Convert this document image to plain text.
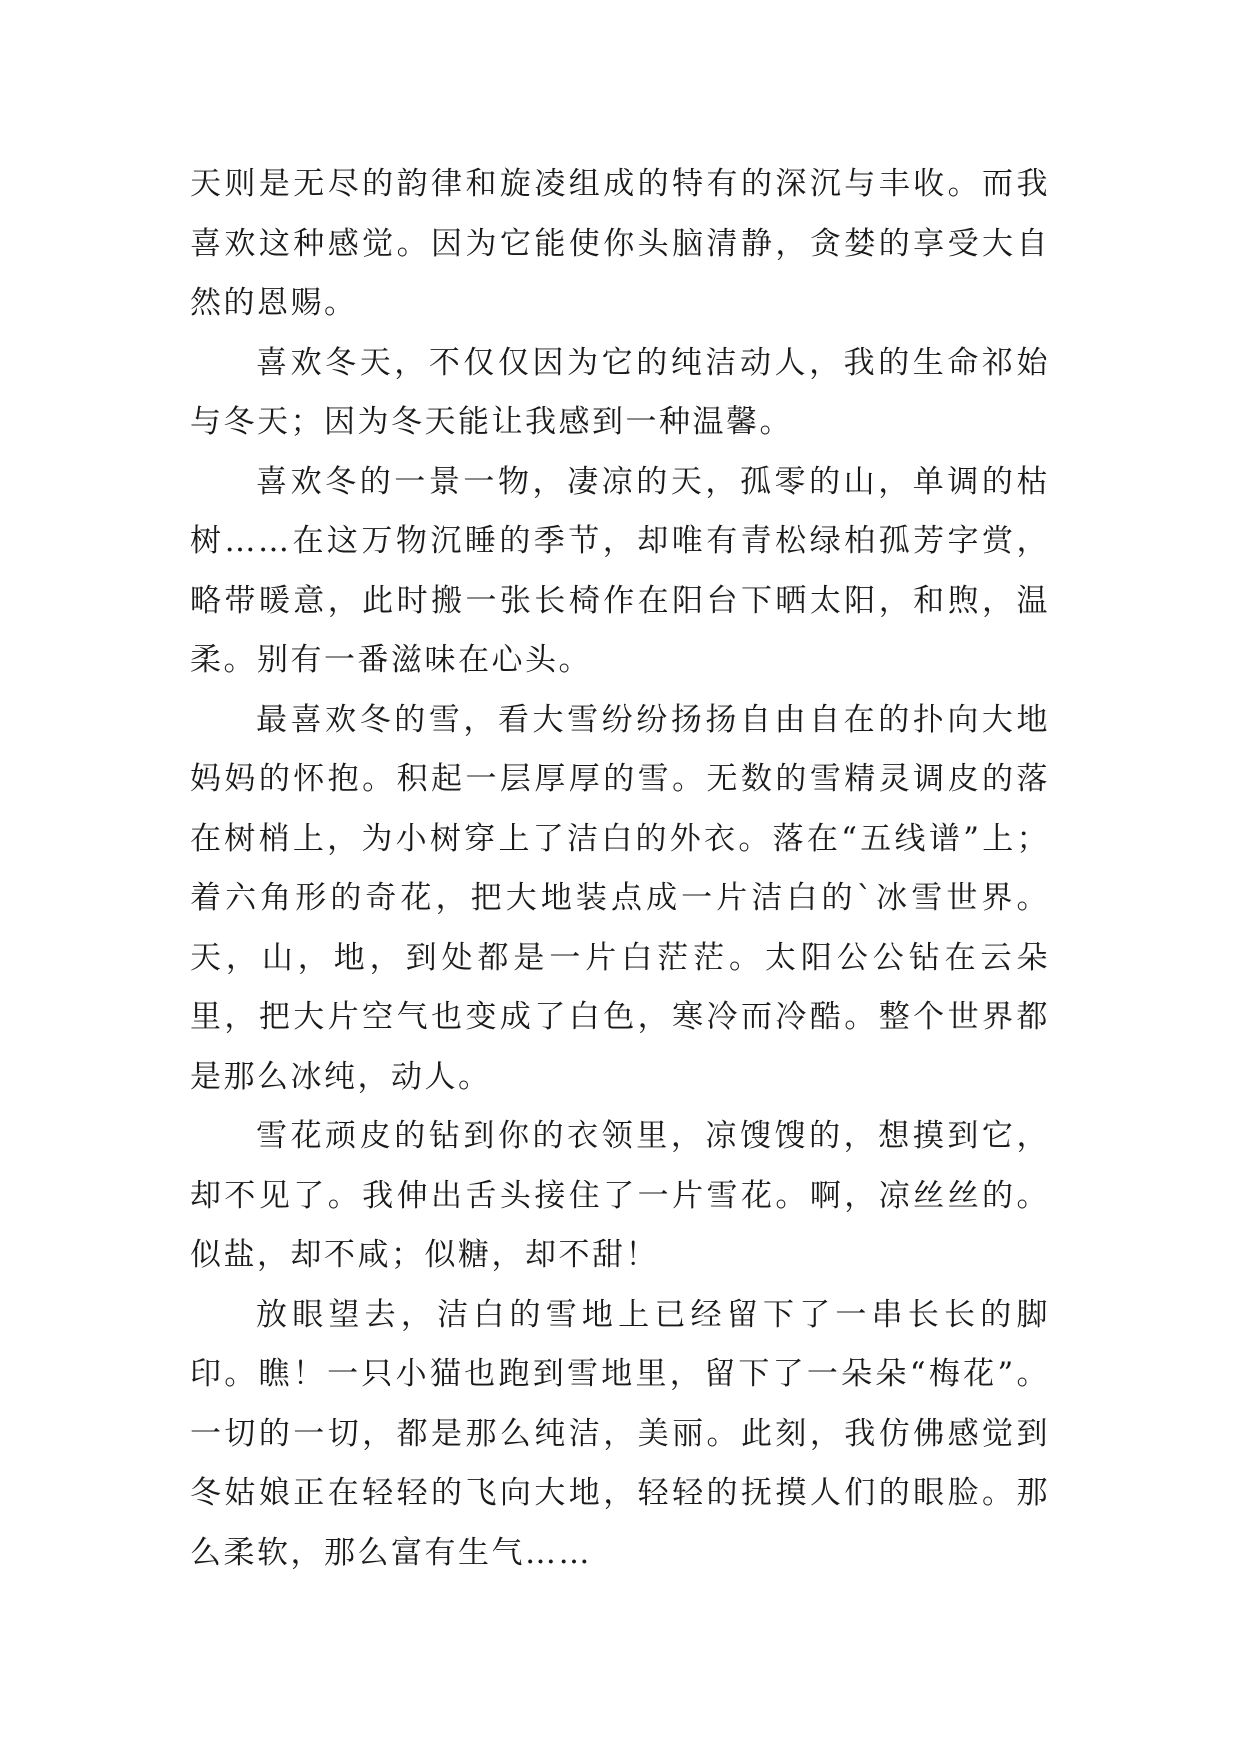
天则是无尽的韵律和旋凌组成的特有的深沉与丰收。而我喜欢这种感觉。因为它能使你头脑清静，贪婪的享受大自然的恩赐。

喜欢冬天，不仅仅因为它的纯洁动人，我的生命祁始与冬天；因为冬天能让我感到一种温馨。

喜欢冬的一景一物，凄凉的天，孤零的山，单调的枯树……在这万物沉睡的季节，却唯有青松绿柏孤芳字赏，略带暖意，此时搬一张长椅作在阳台下晒太阳，和煦，温柔。别有一番滋味在心头。

最喜欢冬的雪，看大雪纷纷扬扬自由自在的扑向大地妈妈的怀抱。积起一层厚厚的雪。无数的雪精灵调皮的落在树梢上，为小树穿上了洁白的外衣。落在“五线谱”上；着六角形的奇花，把大地装点成一片洁白的`冰雪世界。天，山，地，到处都是一片白茫茫。太阳公公钻在云朵里，把大片空气也变成了白色，寒冷而冷酷。整个世界都是那么冰纯，动人。

雪花顽皮的钻到你的衣领里，凉馊馊的，想摸到它，却不见了。我伸出舌头接住了一片雪花。啊，凉丝丝的。似盐，却不咸；似糖，却不甜！

放眼望去，洁白的雪地上已经留下了一串长长的脚印。瞧！一只小猫也跑到雪地里，留下了一朵朵“梅花”。一切的一切，都是那么纯洁，美丽。此刻，我仿佛感觉到冬姑娘正在轻轻的飞向大地，轻轻的抚摸人们的眼脸。那么柔软，那么富有生气……
